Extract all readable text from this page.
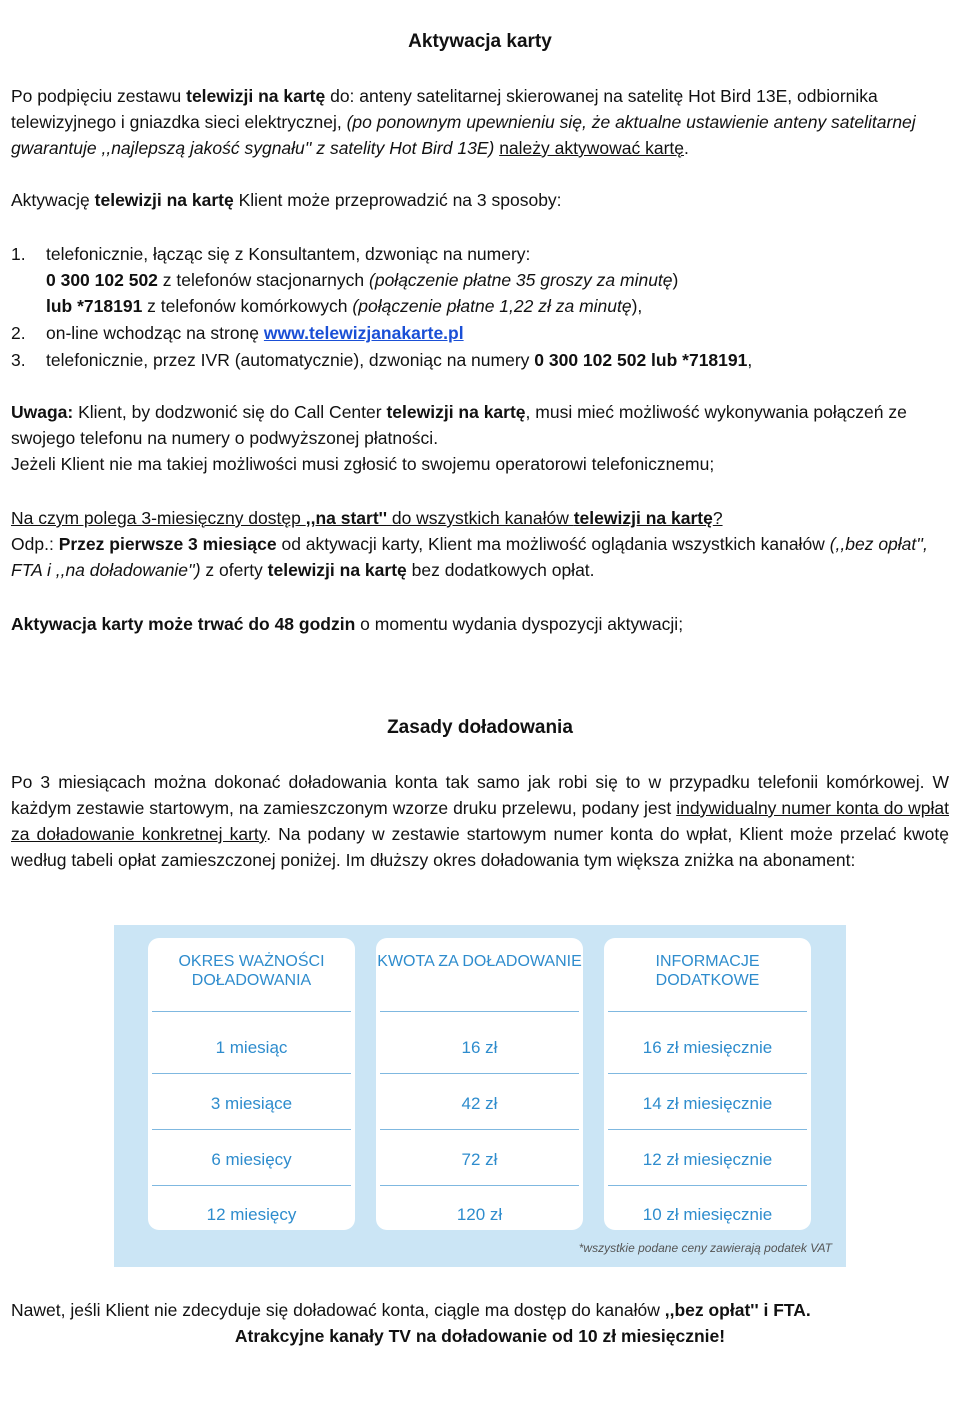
Aktywacja karty

Po podpięciu zestawu telewizji na kartę do: anteny satelitarnej skierowanej na satelitę Hot Bird 13E, odbiornika telewizyjnego i gniazdka sieci elektrycznej, (po ponownym upewnieniu się, że aktualne ustawienie anteny satelitarnej gwarantuje ,,najlepszą jakość sygnału'' z satelity Hot Bird 13E) należy aktywować kartę.

Aktywację telewizji na kartę Klient może przeprowadzić na 3 sposoby:

1. telefonicznie, łącząc się z Konsultantem, dzwoniąc na numery:
0 300 102 502 z telefonów stacjonarnych (połączenie płatne 35 groszy za minutę)
lub *718191 z telefonów komórkowych (połączenie płatne 1,22 zł za minutę),

2. on-line wchodząc na stronę www.telewizjanakarte.pl

3. telefonicznie, przez IVR (automatycznie), dzwoniąc na numery 0 300 102 502 lub *718191,

Uwaga: Klient, by dodzwonić się do Call Center telewizji na kartę, musi mieć możliwość wykonywania połączeń ze swojego telefonu na numery o podwyższonej płatności.

Jeżeli Klient nie ma takiej możliwości musi zgłosić to swojemu operatorowi telefonicznemu;

Na czym polega 3-miesięczny dostęp ,,na start'' do wszystkich kanałów telewizji na kartę?

Odp.: Przez pierwsze 3 miesiące od aktywacji karty, Klient ma możliwość oglądania wszystkich kanałów (,,bez opłat'', FTA i ,,na doładowanie'') z oferty telewizji na kartę bez dodatkowych opłat.

Aktywacja karty może trwać do 48 godzin o momentu wydania dyspozycji aktywacji;

Zasady doładowania

Po 3 miesiącach można dokonać doładowania konta tak samo jak robi się to w przypadku telefonii komórkowej. W każdym zestawie startowym, na zamieszczonym wzorze druku przelewu, podany jest indywidualny numer konta do wpłat za doładowanie konkretnej karty. Na podany w zestawie startowym numer konta do wpłat, Klient może przelać kwotę według tabeli opłat zamieszczonej poniżej. Im dłuższy okres doładowania tym większa zniżka na abonament:

OKRES WAŻNOŚCI DOŁADOWANIA
1 miesiąc
3 miesiące
6 miesięcy
12 miesięcy
KWOTA ZA DOŁADOWANIE
16 zł
42 zł
72 zł
120 zł
INFORMACJE DODATKOWE
16 zł miesięcznie
14 zł miesięcznie
12 zł miesięcznie
10 zł miesięcznie
*wszystkie podane ceny zawierają podatek VAT

Nawet, jeśli Klient nie zdecyduje się doładować konta, ciągle ma dostęp do kanałów ,,bez opłat'' i FTA.

Atrakcyjne kanały TV na doładowanie od 10 zł miesięcznie!
